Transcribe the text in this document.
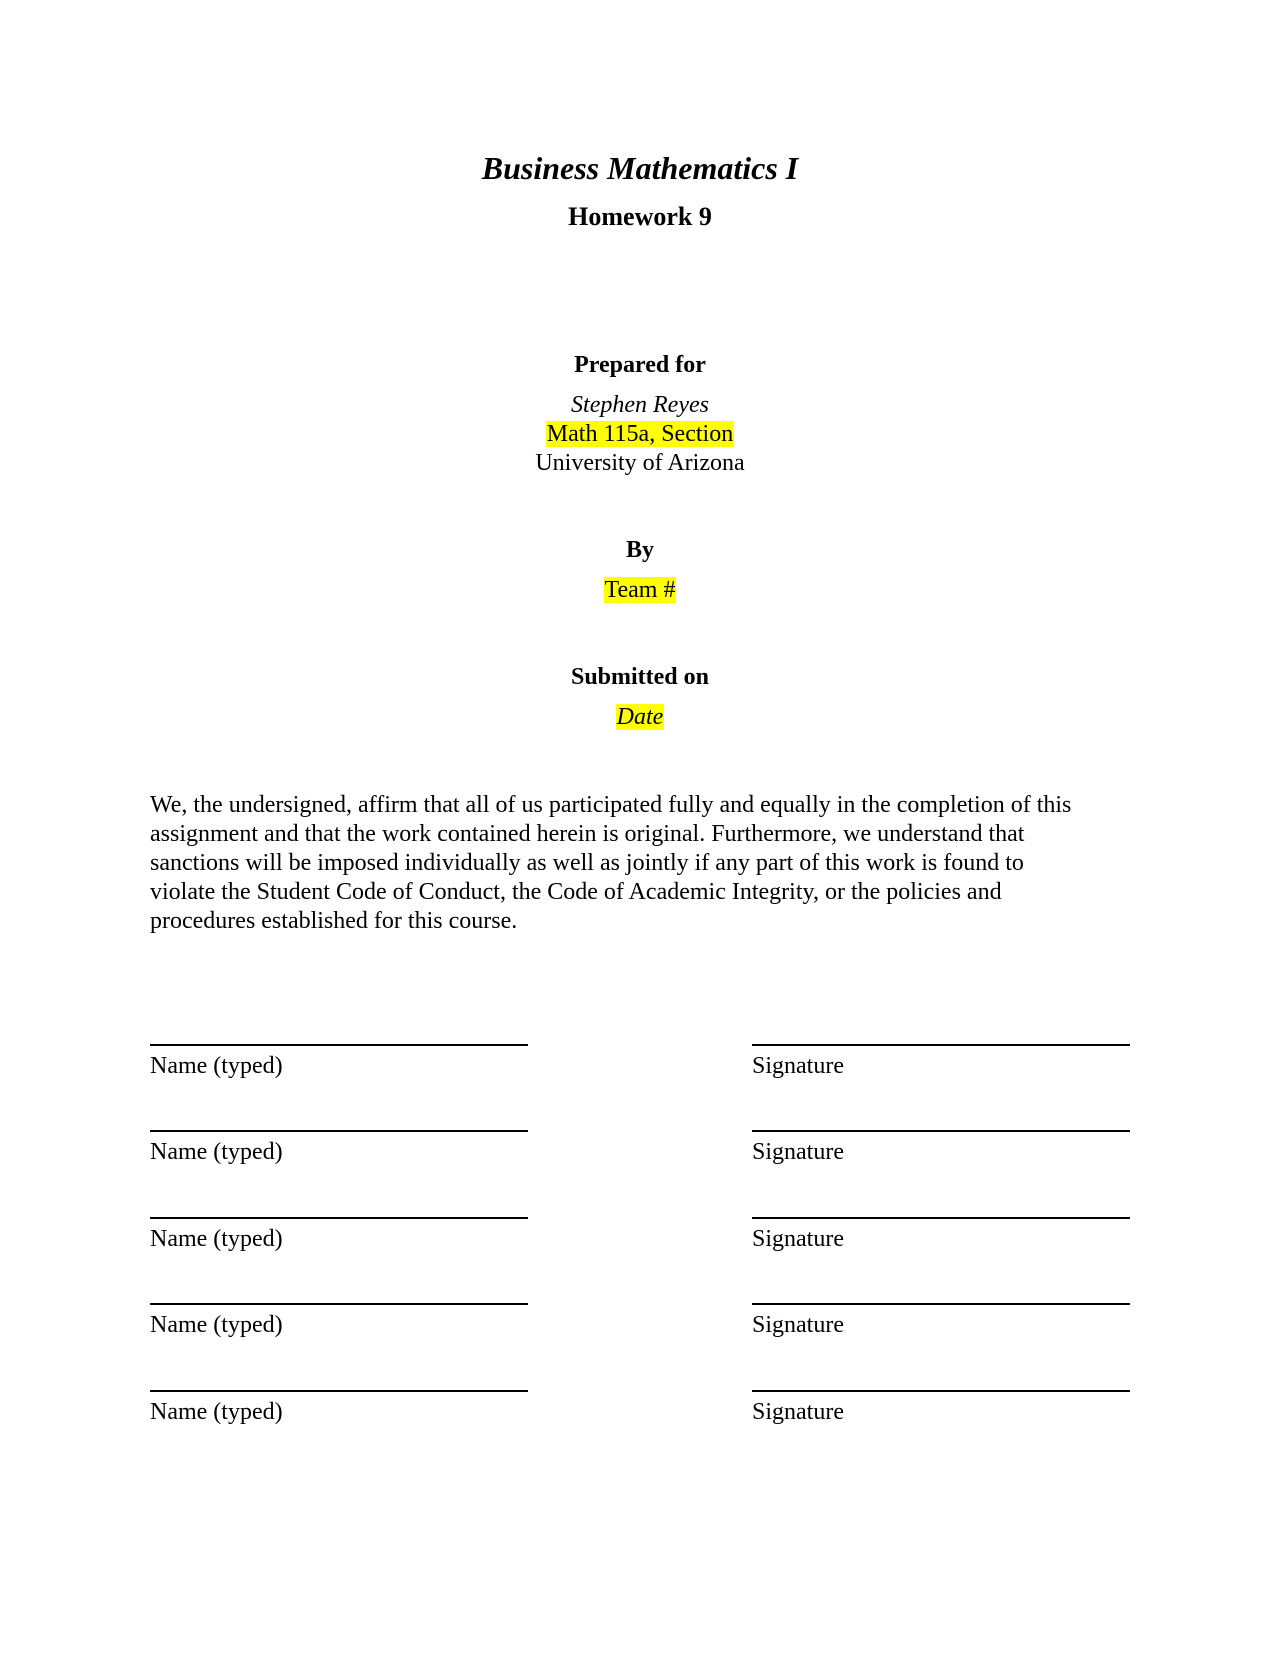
Business Mathematics I
Homework 9
Prepared for
Stephen Reyes
Math 115a, Section
University of Arizona
By
Team #
Submitted on
Date
We, the undersigned, affirm that all of us participated fully and equally in the completion of this
assignment and that the work contained herein is original. Furthermore, we understand that
sanctions will be imposed individually as well as jointly if any part of this work is found to
violate the Student Code of Conduct, the Code of Academic Integrity, or the policies and
procedures established for this course.
Name (typed)	Signature
Name (typed)	Signature
Name (typed)	Signature
Name (typed)	Signature
Name (typed)	Signature
